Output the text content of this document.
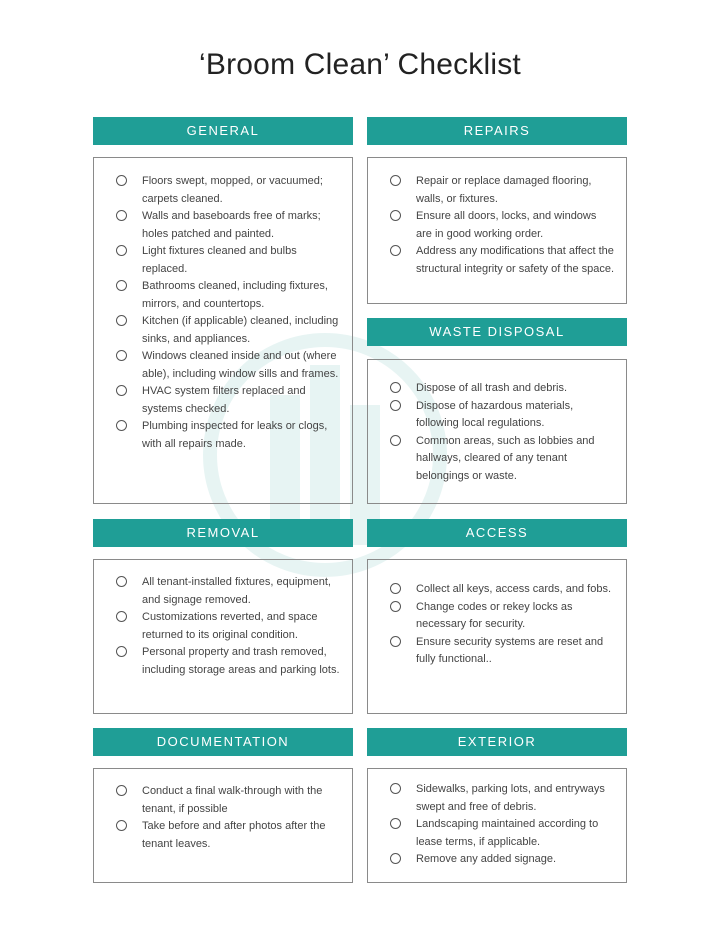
‘Broom Clean’ Checklist
GENERAL
Floors swept, mopped, or vacuumed; carpets cleaned.
Walls and baseboards free of marks; holes patched and painted.
Light fixtures cleaned and bulbs replaced.
Bathrooms cleaned, including fixtures, mirrors, and countertops.
Kitchen (if applicable) cleaned, including sinks, and appliances.
Windows cleaned inside and out (where able), including window sills and frames.
HVAC system filters replaced and systems checked.
Plumbing inspected for leaks or clogs, with all repairs made.
REPAIRS
Repair or replace damaged flooring, walls, or fixtures.
Ensure all doors, locks, and windows are in good working order.
Address any modifications that affect the structural integrity or safety of the space.
WASTE DISPOSAL
Dispose of all trash and debris.
Dispose of hazardous materials, following local regulations.
Common areas, such as lobbies and hallways, cleared of any tenant belongings or waste.
REMOVAL
All tenant-installed fixtures, equipment, and signage removed.
Customizations reverted, and space returned to its original condition.
Personal property and trash removed, including storage areas and parking lots.
ACCESS
Collect all keys, access cards, and fobs.
Change codes or rekey locks as necessary for security.
Ensure security systems are reset and fully functional..
DOCUMENTATION
Conduct a final walk-through with the tenant, if possible
Take before and after photos after the tenant leaves.
EXTERIOR
Sidewalks, parking lots, and entryways swept and free of debris.
Landscaping maintained according to lease terms, if applicable.
Remove any added signage.
